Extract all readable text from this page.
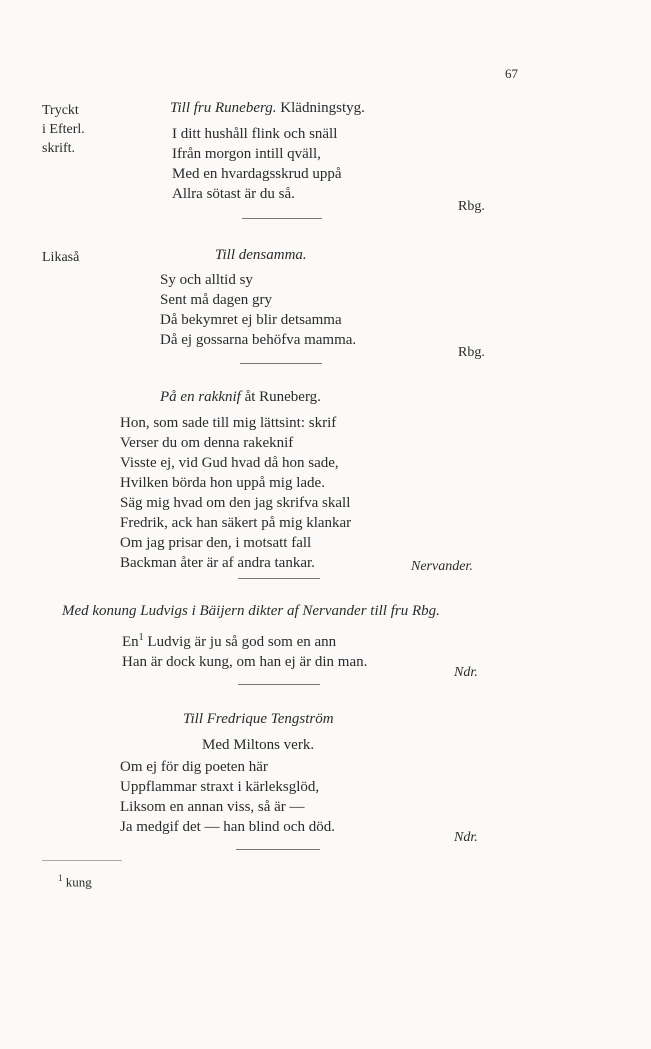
67
Tryckt
i Efterl.
skrift.
Till fru Runeberg. Klädningstyg.
I ditt hushåll flink och snäll
Ifrån morgon intill qväll,
Med en hvardagsskrud uppå
Allra sötast är du så.
Rbg.
Likaså	Till densamma.
Sy och alltid sy
Sent må dagen gry
Då bekymret ej blir detsamma
Då ej gossarna behöfva mamma.
Rbg.
På en rakknif åt Runeberg.
Hon, som sade till mig lättsint: skrif
Verser du om denna rakeknif
Visste ej, vid Gud hvad då hon sade,
Hvilken börda hon uppå mig lade.
Säg mig hvad om den jag skrifva skall
Fredrik, ack han säkert på mig klankar
Om jag prisar den, i motsatt fall
Backman åter är af andra tankar.	Nervander.
Med konung Ludvigs i Bäijern dikter af Nervander till fru Rbg.
En$^1$ Ludvig är ju så god som en ann
Han är dock kung, om han ej är din man.
Ndr.
Till Fredrique Tengström
Med Miltons verk.
Om ej för dig poeten här
Uppflammar straxt i kärleksglöd,
Liksom en annan viss, så är —
Ja medgif det — han blind och död.
Ndr.
$^1$ kung
